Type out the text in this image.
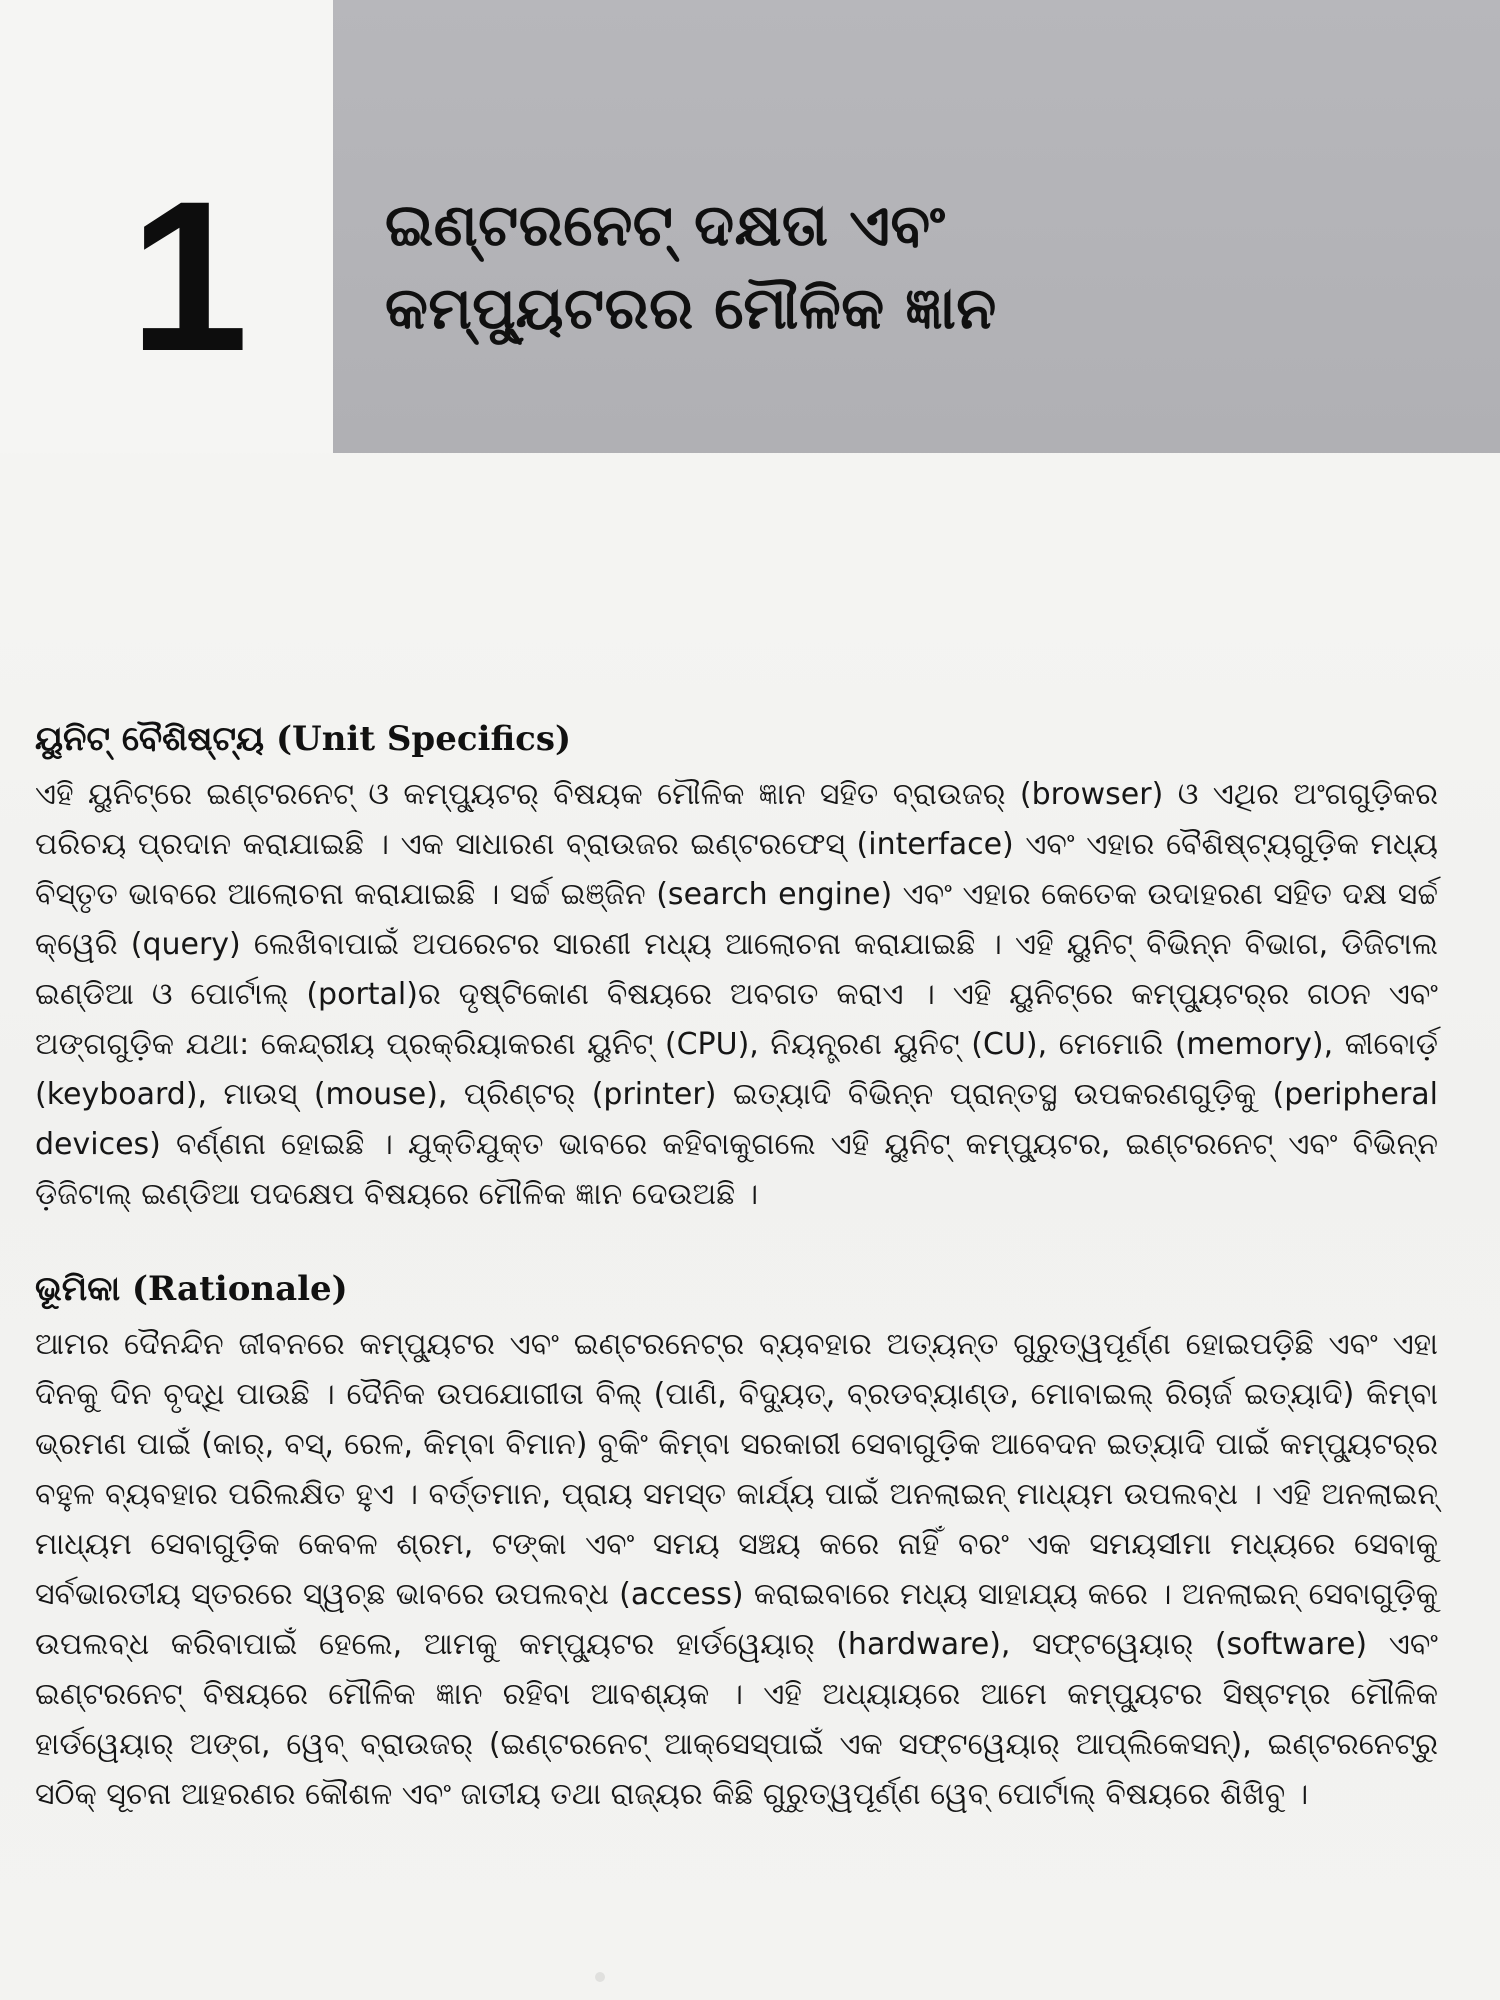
1 ଇଣ୍ଟରନେଟ୍ ଦକ୍ଷତା ଏବଂ
କମ୍ପ୍ୟୁଟରର ମୌଳିକ ଜ୍ଞାନ
ୟୁନିଟ୍ ବୈଶିଷ୍ଟ୍ୟ (Unit Specifics)

ଏହି ୟୁନିଟ୍‌ରେ ଇଣ୍ଟରନେଟ୍ ଓ କମ୍ପ୍ୟୁଟର୍ ବିଷୟକ ମୌଳିକ ଜ୍ଞାନ ସହିତ ବ୍ରାଉଜର୍ (browser) ଓ ଏଥିର ଅଂଗଗୁଡ଼ିକର ପରିଚୟ ପ୍ରଦାନ କରାଯାଇଛି । ଏକ ସାଧାରଣ ବ୍ରାଉଜର ଇଣ୍ଟରଫେସ୍ (interface) ଏବଂ ଏହାର ବୈଶିଷ୍ଟ୍ୟଗୁଡ଼ିକ ମଧ୍ୟ ବିସ୍ତୃତ ଭାବରେ ଆଲୋଚନା କରାଯାଇଛି । ସର୍ଚ୍ଚ ଇଞ୍ଜିନ (search engine) ଏବଂ ଏହାର କେତେକ ଉଦାହରଣ ସହିତ ଦକ୍ଷ ସର୍ଚ୍ଚ କ୍ୱେରି (query) ଲେଖିବାପାଇଁ ଅପରେଟର ସାରଣୀ ମଧ୍ୟ ଆଲୋଚନା କରାଯାଇଛି । ଏହି ୟୁନିଟ୍ ବିଭିନ୍ନ ବିଭାଗ, ଡିଜିଟାଲ ଇଣ୍ଡିଆ ଓ ପୋର୍ଟାଲ୍ (portal)ର ଦୃଷ୍ଟିକୋଣ ବିଷୟରେ ଅବଗତ କରାଏ । ଏହି ୟୁନିଟ୍‌ରେ କମ୍ପ୍ୟୁଟର୍‌ର ଗଠନ ଏବଂ ଅଙ୍ଗଗୁଡ଼ିକ ଯଥା: କେନ୍ଦ୍ରୀୟ ପ୍ରକ୍ରିୟାକରଣ ୟୁନିଟ୍ (CPU), ନିୟନ୍ତ୍ରଣ ୟୁନିଟ୍ (CU), ମେମୋରି (memory), କୀବୋର୍ଡ଼ (keyboard), ମାଉସ୍ (mouse), ପ୍ରିଣ୍ଟର୍ (printer) ଇତ୍ୟାଦି ବିଭିନ୍ନ ପ୍ରାନ୍ତସ୍ଥ ଉପକରଣଗୁଡ଼ିକୁ (peripheral devices) ବର୍ଣ୍ଣନା ହୋଇଛି । ଯୁକ୍ତିଯୁକ୍ତ ଭାବରେ କହିବାକୁଗଲେ ଏହି ୟୁନିଟ୍ କମ୍ପ୍ୟୁଟର, ଇଣ୍ଟରନେଟ୍ ଏବଂ ବିଭିନ୍ନ ଡ଼ିଜିଟାଲ୍ ଇଣ୍ଡିଆ ପଦକ୍ଷେପ ବିଷୟରେ ମୌଳିକ ଜ୍ଞାନ ଦେଉଅଛି ।

ଭୂମିକା (Rationale)

ଆମର ଦୈନନ୍ଦିନ ଜୀବନରେ କମ୍ପ୍ୟୁଟର ଏବଂ ଇଣ୍ଟରନେଟ୍‌ର ବ୍ୟବହାର ଅତ୍ୟନ୍ତ ଗୁରୁତ୍ୱପୂର୍ଣ୍ଣ ହୋଇପଡ଼ିଛି ଏବଂ ଏହା ଦିନକୁ ଦିନ ବୃଦ୍ଧି ପାଉଛି । ଦୈନିକ ଉପଯୋଗୀତା ବିଲ୍ (ପାଣି, ବିଦ୍ୟୁତ୍, ବ୍ରଡବ୍ୟାଣ୍ଡ, ମୋବାଇଲ୍ ରିଚାର୍ଜ ଇତ୍ୟାଦି) କିମ୍ବା ଭ୍ରମଣ ପାଇଁ (କାର୍, ବସ୍, ରେଳ, କିମ୍ବା ବିମାନ) ବୁକିଂ କିମ୍ବା ସରକାରୀ ସେବାଗୁଡ଼ିକ ଆବେଦନ ଇତ୍ୟାଦି ପାଇଁ କମ୍ପ୍ୟୁଟର୍‌ର ବହୁଳ ବ୍ୟବହାର ପରିଲକ୍ଷିତ ହୁଏ । ବର୍ତ୍ତମାନ, ପ୍ରାୟ ସମସ୍ତ କାର୍ଯ୍ୟ ପାଇଁ ଅନଲାଇନ୍ ମାଧ୍ୟମ ଉପଲବ୍ଧ । ଏହି ଅନଲାଇନ୍ ମାଧ୍ୟମ ସେବାଗୁଡ଼ିକ କେବଳ ଶ୍ରମ, ଟଙ୍କା ଏବଂ ସମୟ ସଞ୍ଚୟ କରେ ନାହିଁ ବରଂ ଏକ ସମୟସୀମା ମଧ୍ୟରେ ସେବାକୁ ସର୍ବଭାରତୀୟ ସ୍ତରରେ ସ୍ୱଚ୍ଛ ଭାବରେ ଉପଲବ୍ଧ (access) କରାଇବାରେ ମଧ୍ୟ ସାହାଯ୍ୟ କରେ । ଅନଲାଇନ୍ ସେବାଗୁଡ଼ିକୁ ଉପଲବ୍ଧ କରିବାପାଇଁ ହେଲେ, ଆମକୁ କମ୍ପ୍ୟୁଟର ହାର୍ଡୱେୟାର୍ (hardware), ସଫ୍ଟୱେୟାର୍ (software) ଏବଂ ଇଣ୍ଟରନେଟ୍ ବିଷୟରେ ମୌଳିକ ଜ୍ଞାନ ରହିବା ଆବଶ୍ୟକ । ଏହି ଅଧ୍ୟାୟରେ ଆମେ କମ୍ପ୍ୟୁଟର ସିଷ୍ଟମ୍‌ର ମୌଳିକ ହାର୍ଡୱେୟାର୍ ଅଙ୍ଗ, ୱେବ୍ ବ୍ରାଉଜର୍ (ଇଣ୍ଟରନେଟ୍ ଆକ୍‌ସେସ୍‌ପାଇଁ ଏକ ସଫ୍ଟୱେୟାର୍ ଆପ୍ଲିକେସନ୍), ଇଣ୍ଟରନେଟ୍‌ରୁ ସଠିକ୍ ସୂଚନା ଆହରଣର କୌଶଳ ଏବଂ ଜାତୀୟ ତଥା ରାଜ୍ୟର କିଛି ଗୁରୁତ୍ୱପୂର୍ଣ୍ଣ ୱେବ୍ ପୋର୍ଟାଲ୍ ବିଷୟରେ ଶିଖିବୁ ।
